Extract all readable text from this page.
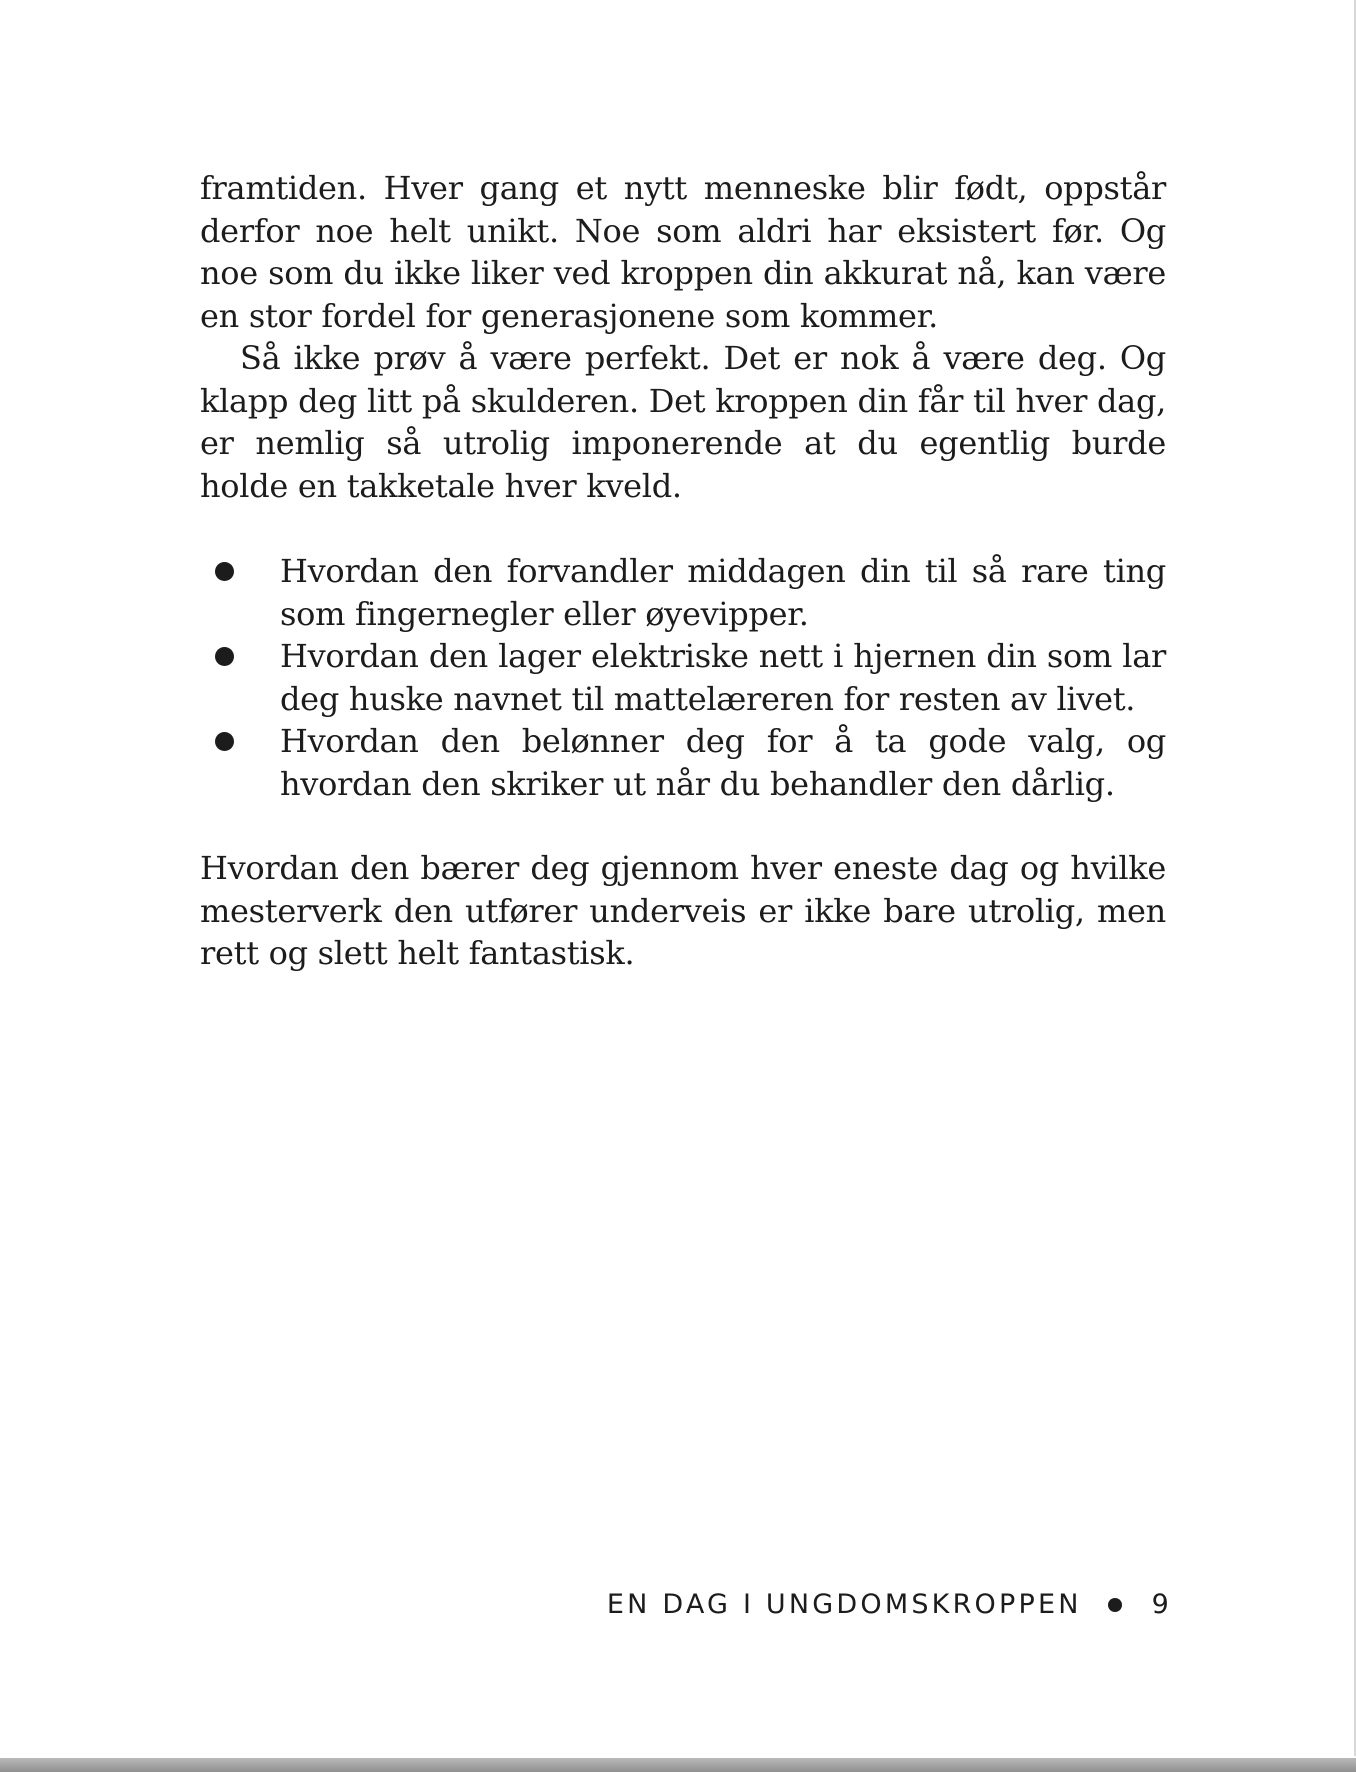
framtiden. Hver gang et nytt menneske blir født, oppstår derfor noe helt unikt. Noe som aldri har eksistert før. Og noe som du ikke liker ved kroppen din akkurat nå, kan være en stor fordel for generasjonene som kommer.

Så ikke prøv å være perfekt. Det er nok å være deg. Og klapp deg litt på skulderen. Det kroppen din får til hver dag, er nemlig så utrolig imponerende at du egentlig burde holde en takketale hver kveld.

Hvordan den forvandler middagen din til så rare ting som fingernegler eller øyevipper.
Hvordan den lager elektriske nett i hjernen din som lar deg huske navnet til mattelæreren for resten av livet.
Hvordan den belønner deg for å ta gode valg, og hvordan den skriker ut når du behandler den dårlig.

Hvordan den bærer deg gjennom hver eneste dag og hvilke mesterverk den utfører underveis er ikke bare utrolig, men rett og slett helt fantastisk.

EN DAG I UNGDOMSKROPPEN	9
